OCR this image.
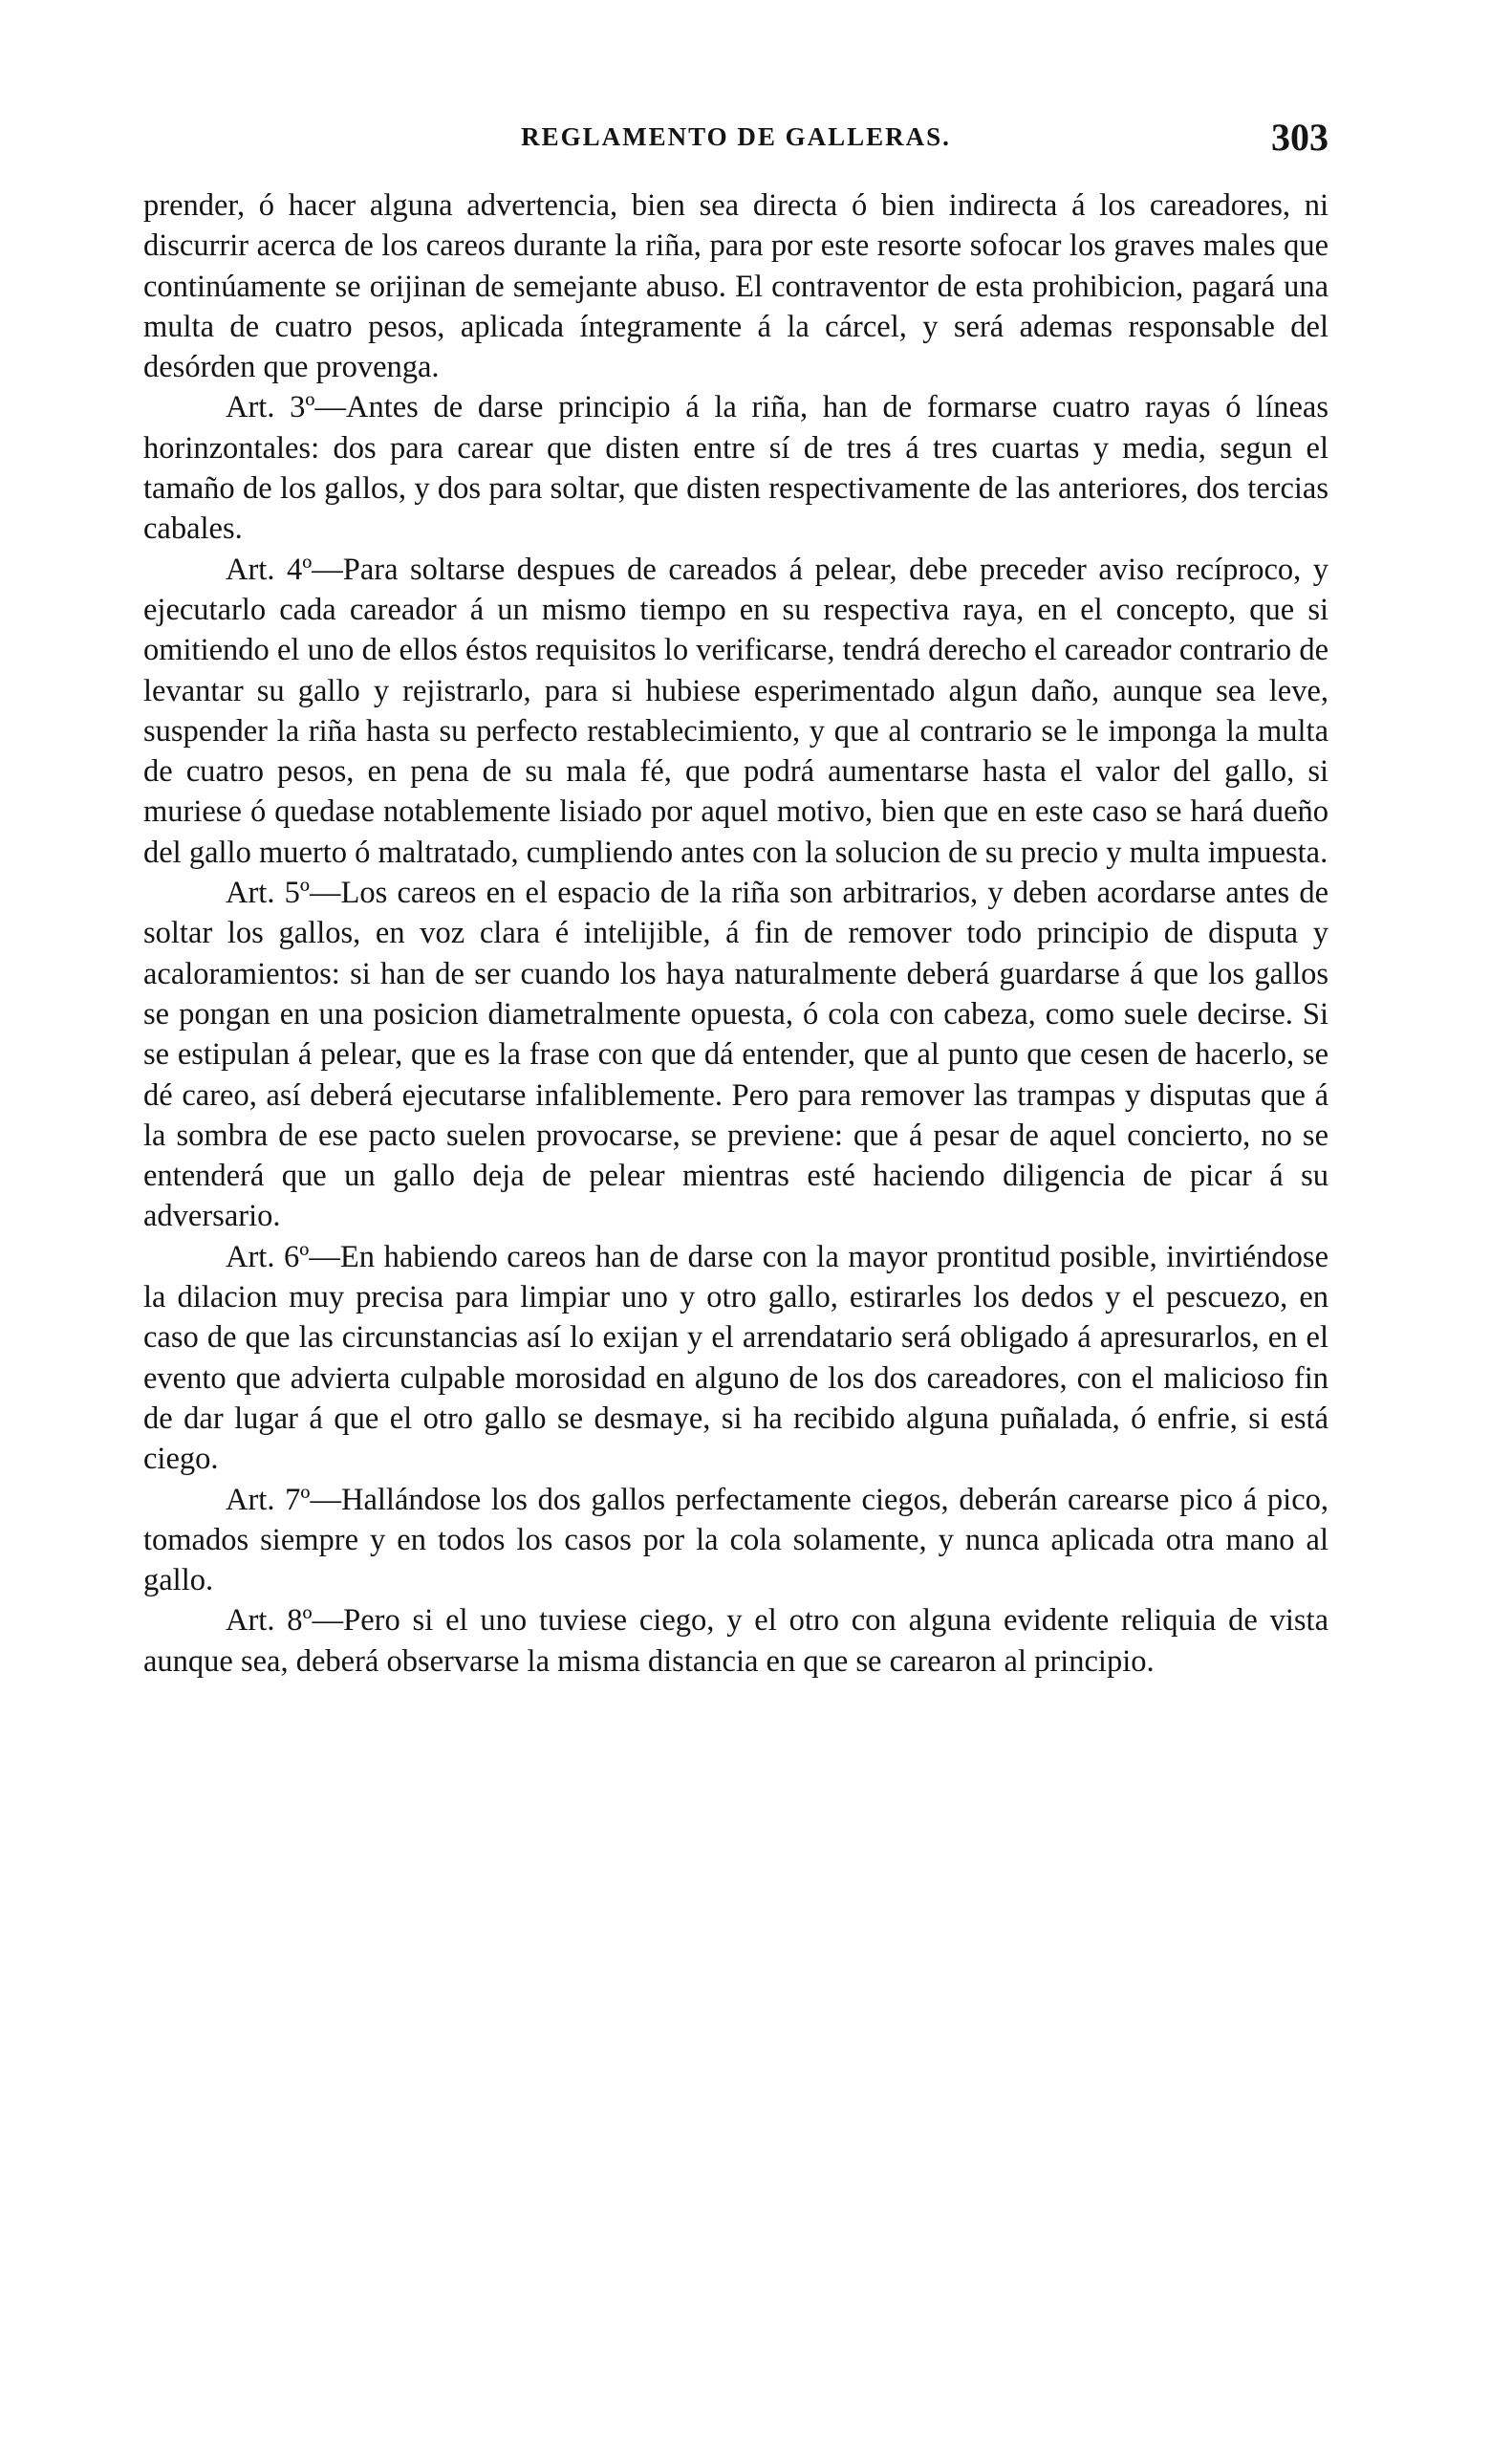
REGLAMENTO DE GALLERAS.	303

prender, ó hacer alguna advertencia, bien sea directa ó bien indirecta á los careadores, ni discurrir acerca de los careos durante la riña, para por este resorte sofocar los graves males que continúamente se orijinan de semejante abuso. El contraventor de esta prohibicion, pagará una multa de cuatro pesos, aplicada íntegramente á la cárcel, y será ademas responsable del desórden que provenga.

Art. 3º—Antes de darse principio á la riña, han de formarse cuatro rayas ó líneas horinzontales: dos para carear que disten entre sí de tres á tres cuartas y media, segun el tamaño de los gallos, y dos para soltar, que disten respectivamente de las anteriores, dos tercias cabales.

Art. 4º—Para soltarse despues de careados á pelear, debe preceder aviso recíproco, y ejecutarlo cada careador á un mismo tiempo en su respectiva raya, en el concepto, que si omitiendo el uno de ellos éstos requisitos lo verificarse, tendrá derecho el careador contrario de levantar su gallo y rejistrarlo, para si hubiese esperimentado algun daño, aunque sea leve, suspender la riña hasta su perfecto restablecimiento, y que al contrario se le imponga la multa de cuatro pesos, en pena de su mala fé, que podrá aumentarse hasta el valor del gallo, si muriese ó quedase notablemente lisiado por aquel motivo, bien que en este caso se hará dueño del gallo muerto ó maltratado, cumpliendo antes con la solucion de su precio y multa impuesta.

Art. 5º—Los careos en el espacio de la riña son arbitrarios, y deben acordarse antes de soltar los gallos, en voz clara é intelijible, á fin de remover todo principio de disputa y acaloramientos: si han de ser cuando los haya naturalmente deberá guardarse á que los gallos se pongan en una posicion diametralmente opuesta, ó cola con cabeza, como suele decirse. Si se estipulan á pelear, que es la frase con que dá entender, que al punto que cesen de hacerlo, se dé careo, así deberá ejecutarse infaliblemente. Pero para remover las trampas y disputas que á la sombra de ese pacto suelen provocarse, se previene: que á pesar de aquel concierto, no se entenderá que un gallo deja de pelear mientras esté haciendo diligencia de picar á su adversario.

Art. 6º—En habiendo careos han de darse con la mayor prontitud posible, invirtiéndose la dilacion muy precisa para limpiar uno y otro gallo, estirarles los dedos y el pescuezo, en caso de que las circunstancias así lo exijan y el arrendatario será obligado á apresurarlos, en el evento que advierta culpable morosidad en alguno de los dos careadores, con el malicioso fin de dar lugar á que el otro gallo se desmaye, si ha recibido alguna puñalada, ó enfrie, si está ciego.

Art. 7º—Hallándose los dos gallos perfectamente ciegos, deberán carearse pico á pico, tomados siempre y en todos los casos por la cola solamente, y nunca aplicada otra mano al gallo.

Art. 8º—Pero si el uno tuviese ciego, y el otro con alguna evidente reliquia de vista aunque sea, deberá observarse la misma distancia en que se carearon al principio.
